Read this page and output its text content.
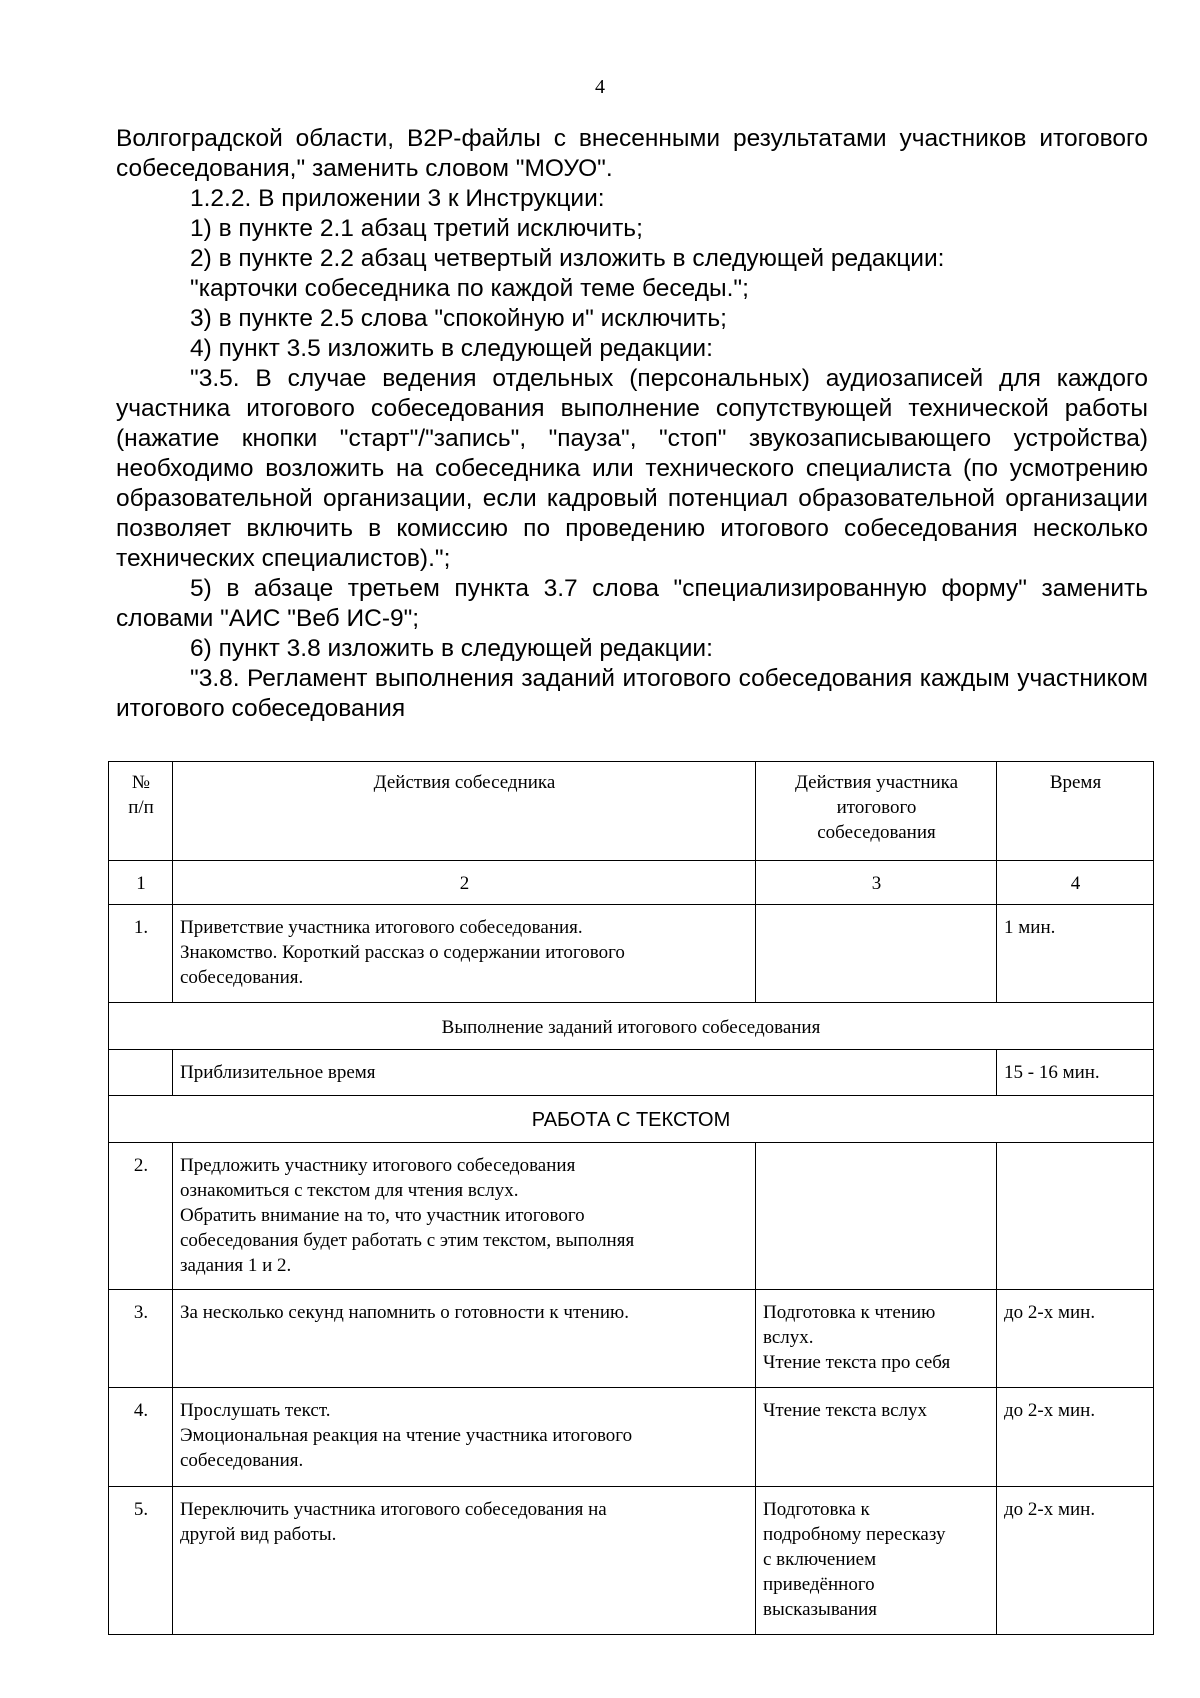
4

Волгоградской области, B2P-файлы с внесенными результатами участников итогового собеседования," заменить словом "МОУО".

1.2.2. В приложении 3 к Инструкции:

1) в пункте 2.1 абзац третий исключить;

2) в пункте 2.2 абзац четвертый изложить в следующей редакции:

"карточки собеседника по каждой теме беседы.";

3) в пункте 2.5 слова "спокойную и" исключить;

4) пункт 3.5 изложить в следующей редакции:

"3.5. В случае ведения отдельных (персональных) аудиозаписей для каждого участника итогового собеседования выполнение сопутствующей технической работы (нажатие кнопки "старт"/"запись", "пауза", "стоп" звукозаписывающего устройства) необходимо возложить на собеседника или технического специалиста (по усмотрению образовательной организации, если кадровый потенциал образовательной организации позволяет включить в комиссию по проведению итогового собеседования несколько технических специалистов).";

5) в абзаце третьем пункта 3.7 слова "специализированную форму" заменить словами "АИС "Веб ИС-9";

6) пункт 3.8 изложить в следующей редакции:

"3.8. Регламент выполнения заданий итогового собеседования каждым участником итогового собеседования

№
п/п	Действия собеседника	Действия участника
итогового
собеседования	Время
1	2	3	4
1.	Приветствие участника итогового собеседования.
Знакомство. Короткий рассказ о содержании итогового
собеседования.		1 мин.
Выполнение заданий итогового собеседования			
	Приблизительное время		15 - 16 мин.
РАБОТА С ТЕКСТОМ			
2.	Предложить участнику итогового собеседования
ознакомиться с текстом для чтения вслух.
Обратить внимание на то, что участник итогового
собеседования будет работать с этим текстом, выполняя
задания 1 и 2.		

3.	За несколько секунд напомнить о готовности к чтению.	Подготовка к чтению
вслух.
Чтение текста про себя	до 2-х мин.
4.	Прослушать текст.
Эмоциональная реакция на чтение участника итогового
собеседования.	Чтение текста вслух	до 2-х мин.
5.	Переключить участника итогового собеседования на
другой вид работы.	Подготовка к
подробному пересказу
с включением
приведённого
высказывания	до 2-х мин.
